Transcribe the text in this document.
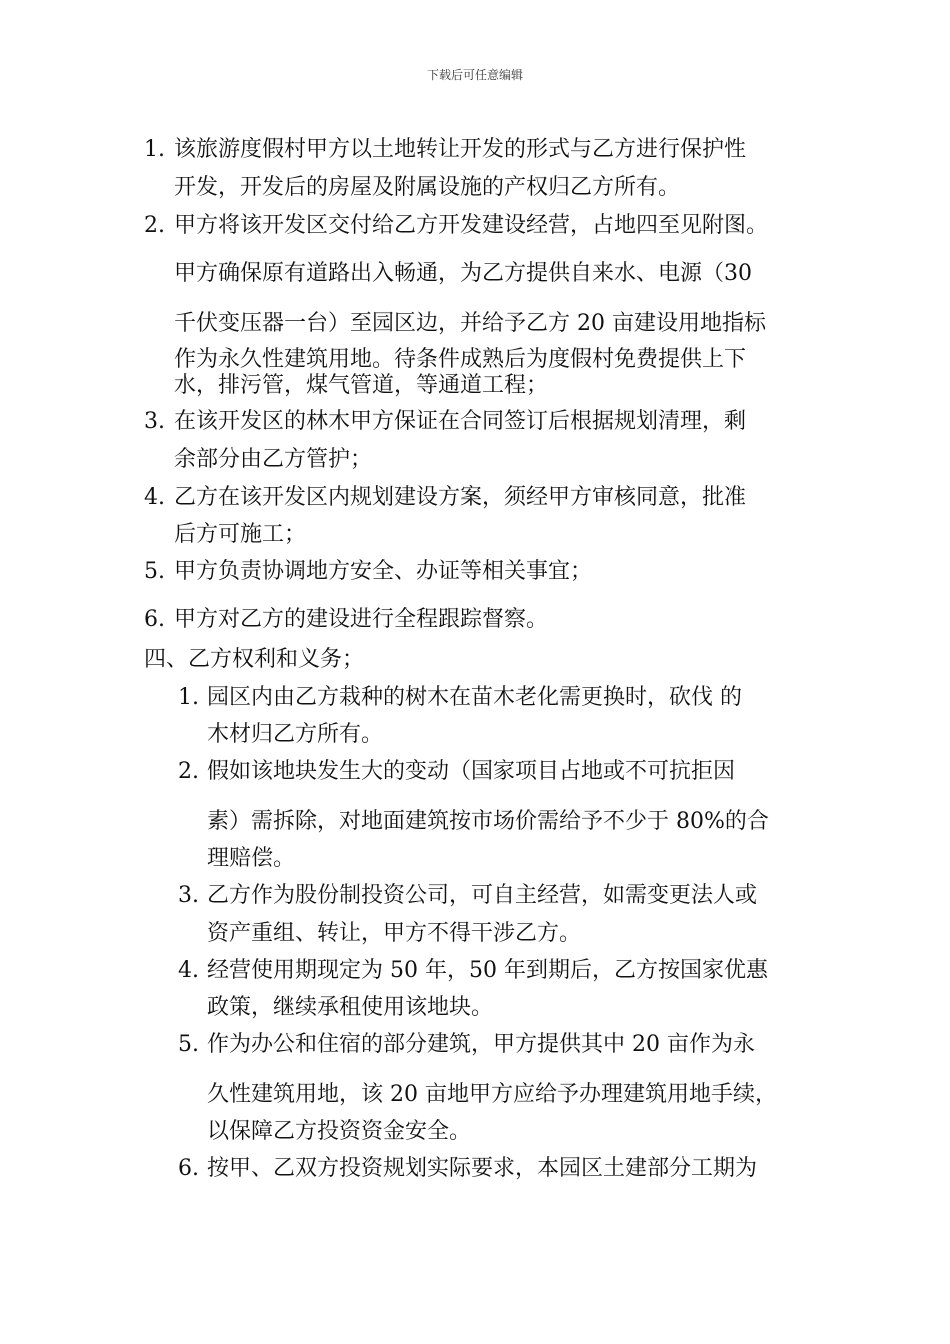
下载后可任意编辑
1. 该旅游度假村甲方以土地转让开发的形式与乙方进行保护性
开发，开发后的房屋及附属设施的产权归乙方所有。
2. 甲方将该开发区交付给乙方开发建设经营，占地四至见附图。
甲方确保原有道路出入畅通，为乙方提供自来水、电源（30
千伏变压器一台）至园区边，并给予乙方 20 亩建设用地指标
作为永久性建筑用地。待条件成熟后为度假村免费提供上下
水，排污管，煤气管道，等通道工程；
3. 在该开发区的林木甲方保证在合同签订后根据规划清理，剩
余部分由乙方管护；
4. 乙方在该开发区内规划建设方案，须经甲方审核同意，批准
后方可施工；
5. 甲方负责协调地方安全、办证等相关事宜；
6. 甲方对乙方的建设进行全程跟踪督察。
四、乙方权利和义务；
1. 园区内由乙方栽种的树木在苗木老化需更换时，砍伐 的
木材归乙方所有。
2. 假如该地块发生大的变动（国家项目占地或不可抗拒因
素）需拆除，对地面建筑按市场价需给予不少于 80%的合
理赔偿。
3. 乙方作为股份制投资公司，可自主经营，如需变更法人或
资产重组、转让，甲方不得干涉乙方。
4. 经营使用期现定为 50 年，50 年到期后，乙方按国家优惠
政策，继续承租使用该地块。
5. 作为办公和住宿的部分建筑，甲方提供其中 20 亩作为永
久性建筑用地，该 20 亩地甲方应给予办理建筑用地手续，
以保障乙方投资资金安全。
6. 按甲、乙双方投资规划实际要求，本园区土建部分工期为
